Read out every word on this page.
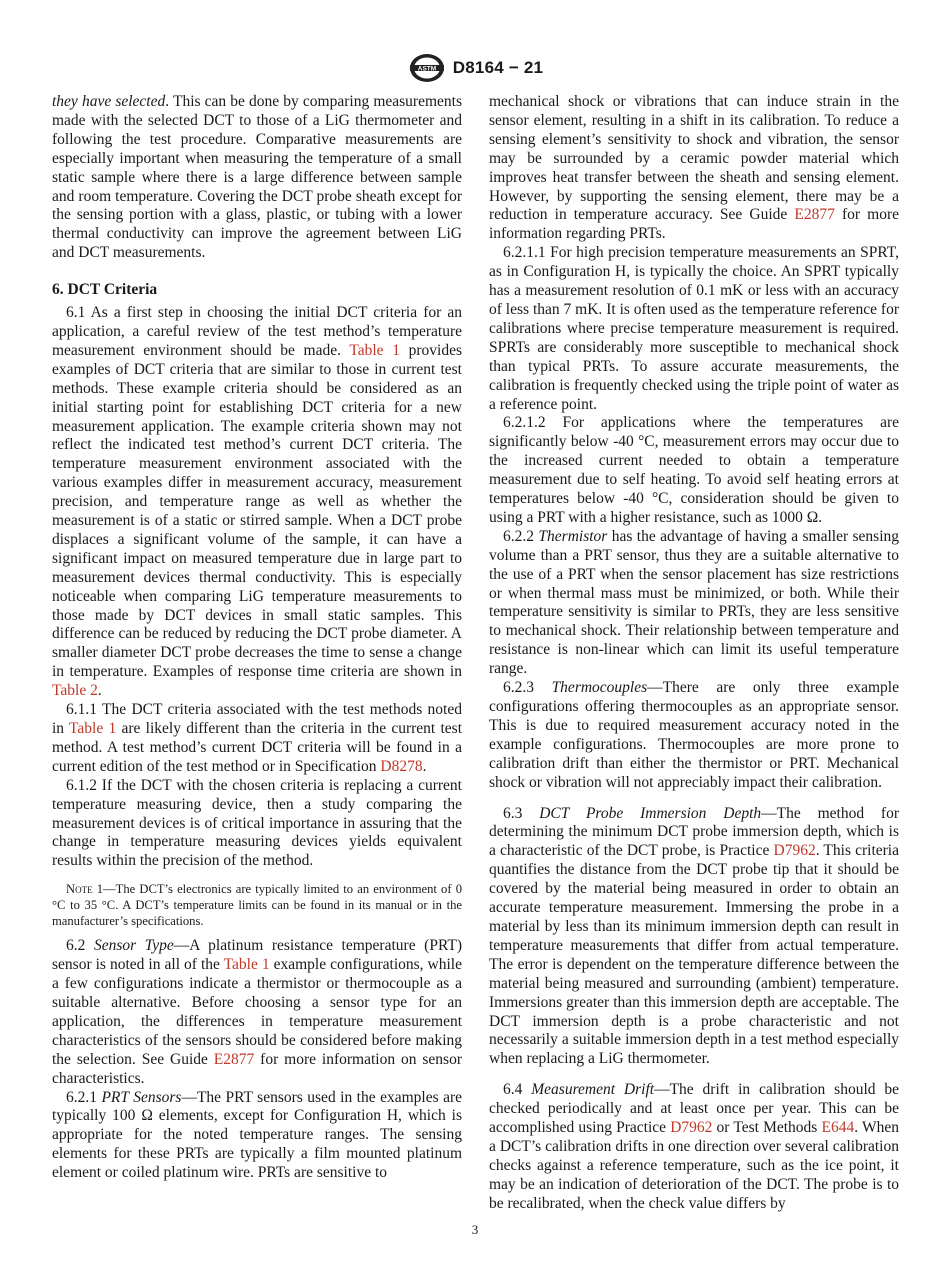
ASTM D8164 − 21

they have selected. This can be done by comparing measurements made with the selected DCT to those of a LiG thermometer and following the test procedure. Comparative measurements are especially important when measuring the temperature of a small static sample where there is a large difference between sample and room temperature. Covering the DCT probe sheath except for the sensing portion with a glass, plastic, or tubing with a lower thermal conductivity can improve the agreement between LiG and DCT measurements.

6. DCT Criteria

6.1 As a first step in choosing the initial DCT criteria for an application, a careful review of the test method’s temperature measurement environment should be made. Table 1 provides examples of DCT criteria that are similar to those in current test methods. These example criteria should be considered as an initial starting point for establishing DCT criteria for a new measurement application. The example criteria shown may not reflect the indicated test method’s current DCT criteria. The temperature measurement environment associated with the various examples differ in measurement accuracy, measurement precision, and temperature range as well as whether the measurement is of a static or stirred sample. When a DCT probe displaces a significant volume of the sample, it can have a significant impact on measured temperature due in large part to measurement devices thermal conductivity. This is especially noticeable when comparing LiG temperature measurements to those made by DCT devices in small static samples. This difference can be reduced by reducing the DCT probe diameter. A smaller diameter DCT probe decreases the time to sense a change in temperature. Examples of response time criteria are shown in Table 2.

6.1.1 The DCT criteria associated with the test methods noted in Table 1 are likely different than the criteria in the current test method. A test method’s current DCT criteria will be found in a current edition of the test method or in Specification D8278.

6.1.2 If the DCT with the chosen criteria is replacing a current temperature measuring device, then a study comparing the measurement devices is of critical importance in assuring that the change in temperature measuring devices yields equivalent results within the precision of the method.

Note 1—The DCT’s electronics are typically limited to an environment of 0 °C to 35 °C. A DCT’s temperature limits can be found in its manual or in the manufacturer’s specifications.

6.2 Sensor Type—A platinum resistance temperature (PRT) sensor is noted in all of the Table 1 example configurations, while a few configurations indicate a thermistor or thermocouple as a suitable alternative. Before choosing a sensor type for an application, the differences in temperature measurement characteristics of the sensors should be considered before making the selection. See Guide E2877 for more information on sensor characteristics.

6.2.1 PRT Sensors—The PRT sensors used in the examples are typically 100 Ω elements, except for Configuration H, which is appropriate for the noted temperature ranges. The sensing elements for these PRTs are typically a film mounted platinum element or coiled platinum wire. PRTs are sensitive to

mechanical shock or vibrations that can induce strain in the sensor element, resulting in a shift in its calibration. To reduce a sensing element’s sensitivity to shock and vibration, the sensor may be surrounded by a ceramic powder material which improves heat transfer between the sheath and sensing element. However, by supporting the sensing element, there may be a reduction in temperature accuracy. See Guide E2877 for more information regarding PRTs.

6.2.1.1 For high precision temperature measurements an SPRT, as in Configuration H, is typically the choice. An SPRT typically has a measurement resolution of 0.1 mK or less with an accuracy of less than 7 mK. It is often used as the temperature reference for calibrations where precise temperature measurement is required. SPRTs are considerably more susceptible to mechanical shock than typical PRTs. To assure accurate measurements, the calibration is frequently checked using the triple point of water as a reference point.

6.2.1.2 For applications where the temperatures are significantly below -40 °C, measurement errors may occur due to the increased current needed to obtain a temperature measurement due to self heating. To avoid self heating errors at temperatures below -40 °C, consideration should be given to using a PRT with a higher resistance, such as 1000 Ω.

6.2.2 Thermistor has the advantage of having a smaller sensing volume than a PRT sensor, thus they are a suitable alternative to the use of a PRT when the sensor placement has size restrictions or when thermal mass must be minimized, or both. While their temperature sensitivity is similar to PRTs, they are less sensitive to mechanical shock. Their relationship between temperature and resistance is non-linear which can limit its useful temperature range.

6.2.3 Thermocouples—There are only three example configurations offering thermocouples as an appropriate sensor. This is due to required measurement accuracy noted in the example configurations. Thermocouples are more prone to calibration drift than either the thermistor or PRT. Mechanical shock or vibration will not appreciably impact their calibration.

6.3 DCT Probe Immersion Depth—The method for determining the minimum DCT probe immersion depth, which is a characteristic of the DCT probe, is Practice D7962. This criteria quantifies the distance from the DCT probe tip that it should be covered by the material being measured in order to obtain an accurate temperature measurement. Immersing the probe in a material by less than its minimum immersion depth can result in temperature measurements that differ from actual temperature. The error is dependent on the temperature difference between the material being measured and surrounding (ambient) temperature. Immersions greater than this immersion depth are acceptable. The DCT immersion depth is a probe characteristic and not necessarily a suitable immersion depth in a test method especially when replacing a LiG thermometer.

6.4 Measurement Drift—The drift in calibration should be checked periodically and at least once per year. This can be accomplished using Practice D7962 or Test Methods E644. When a DCT’s calibration drifts in one direction over several calibration checks against a reference temperature, such as the ice point, it may be an indication of deterioration of the DCT. The probe is to be recalibrated, when the check value differs by

3
